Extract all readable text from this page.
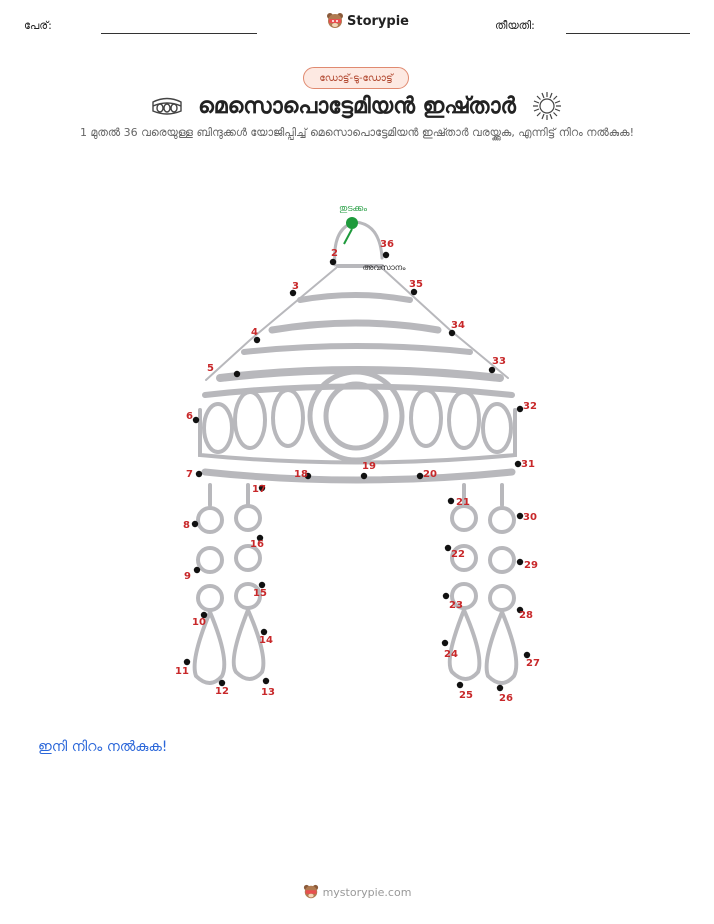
പേര്:	Storypie	തീയതി:
ഡോട്ട്-ടു-ഡോട്ട്
മെസൊപൊട്ടേമിയൻ ഇഷ്താർ
1 മുതൽ 36 വരെയുള്ള ബിന്ദുക്കൾ യോജിപ്പിച്ച് മെസൊപൊട്ടേമിയൻ ഇഷ്താർ വരയ്ക്കുക, എന്നിട്ട് നിറം നൽകുക!
2
3
4
5
6
7
8
9
10
11
12	13
14
15
16
17
18
19
20
21
22
23
24
25	26
27
28
29
30
31
32
33
34
35
36
തുടക്കം
അവസാനം
ഇനി നിറം നൽകുക!
mystorypie.com
